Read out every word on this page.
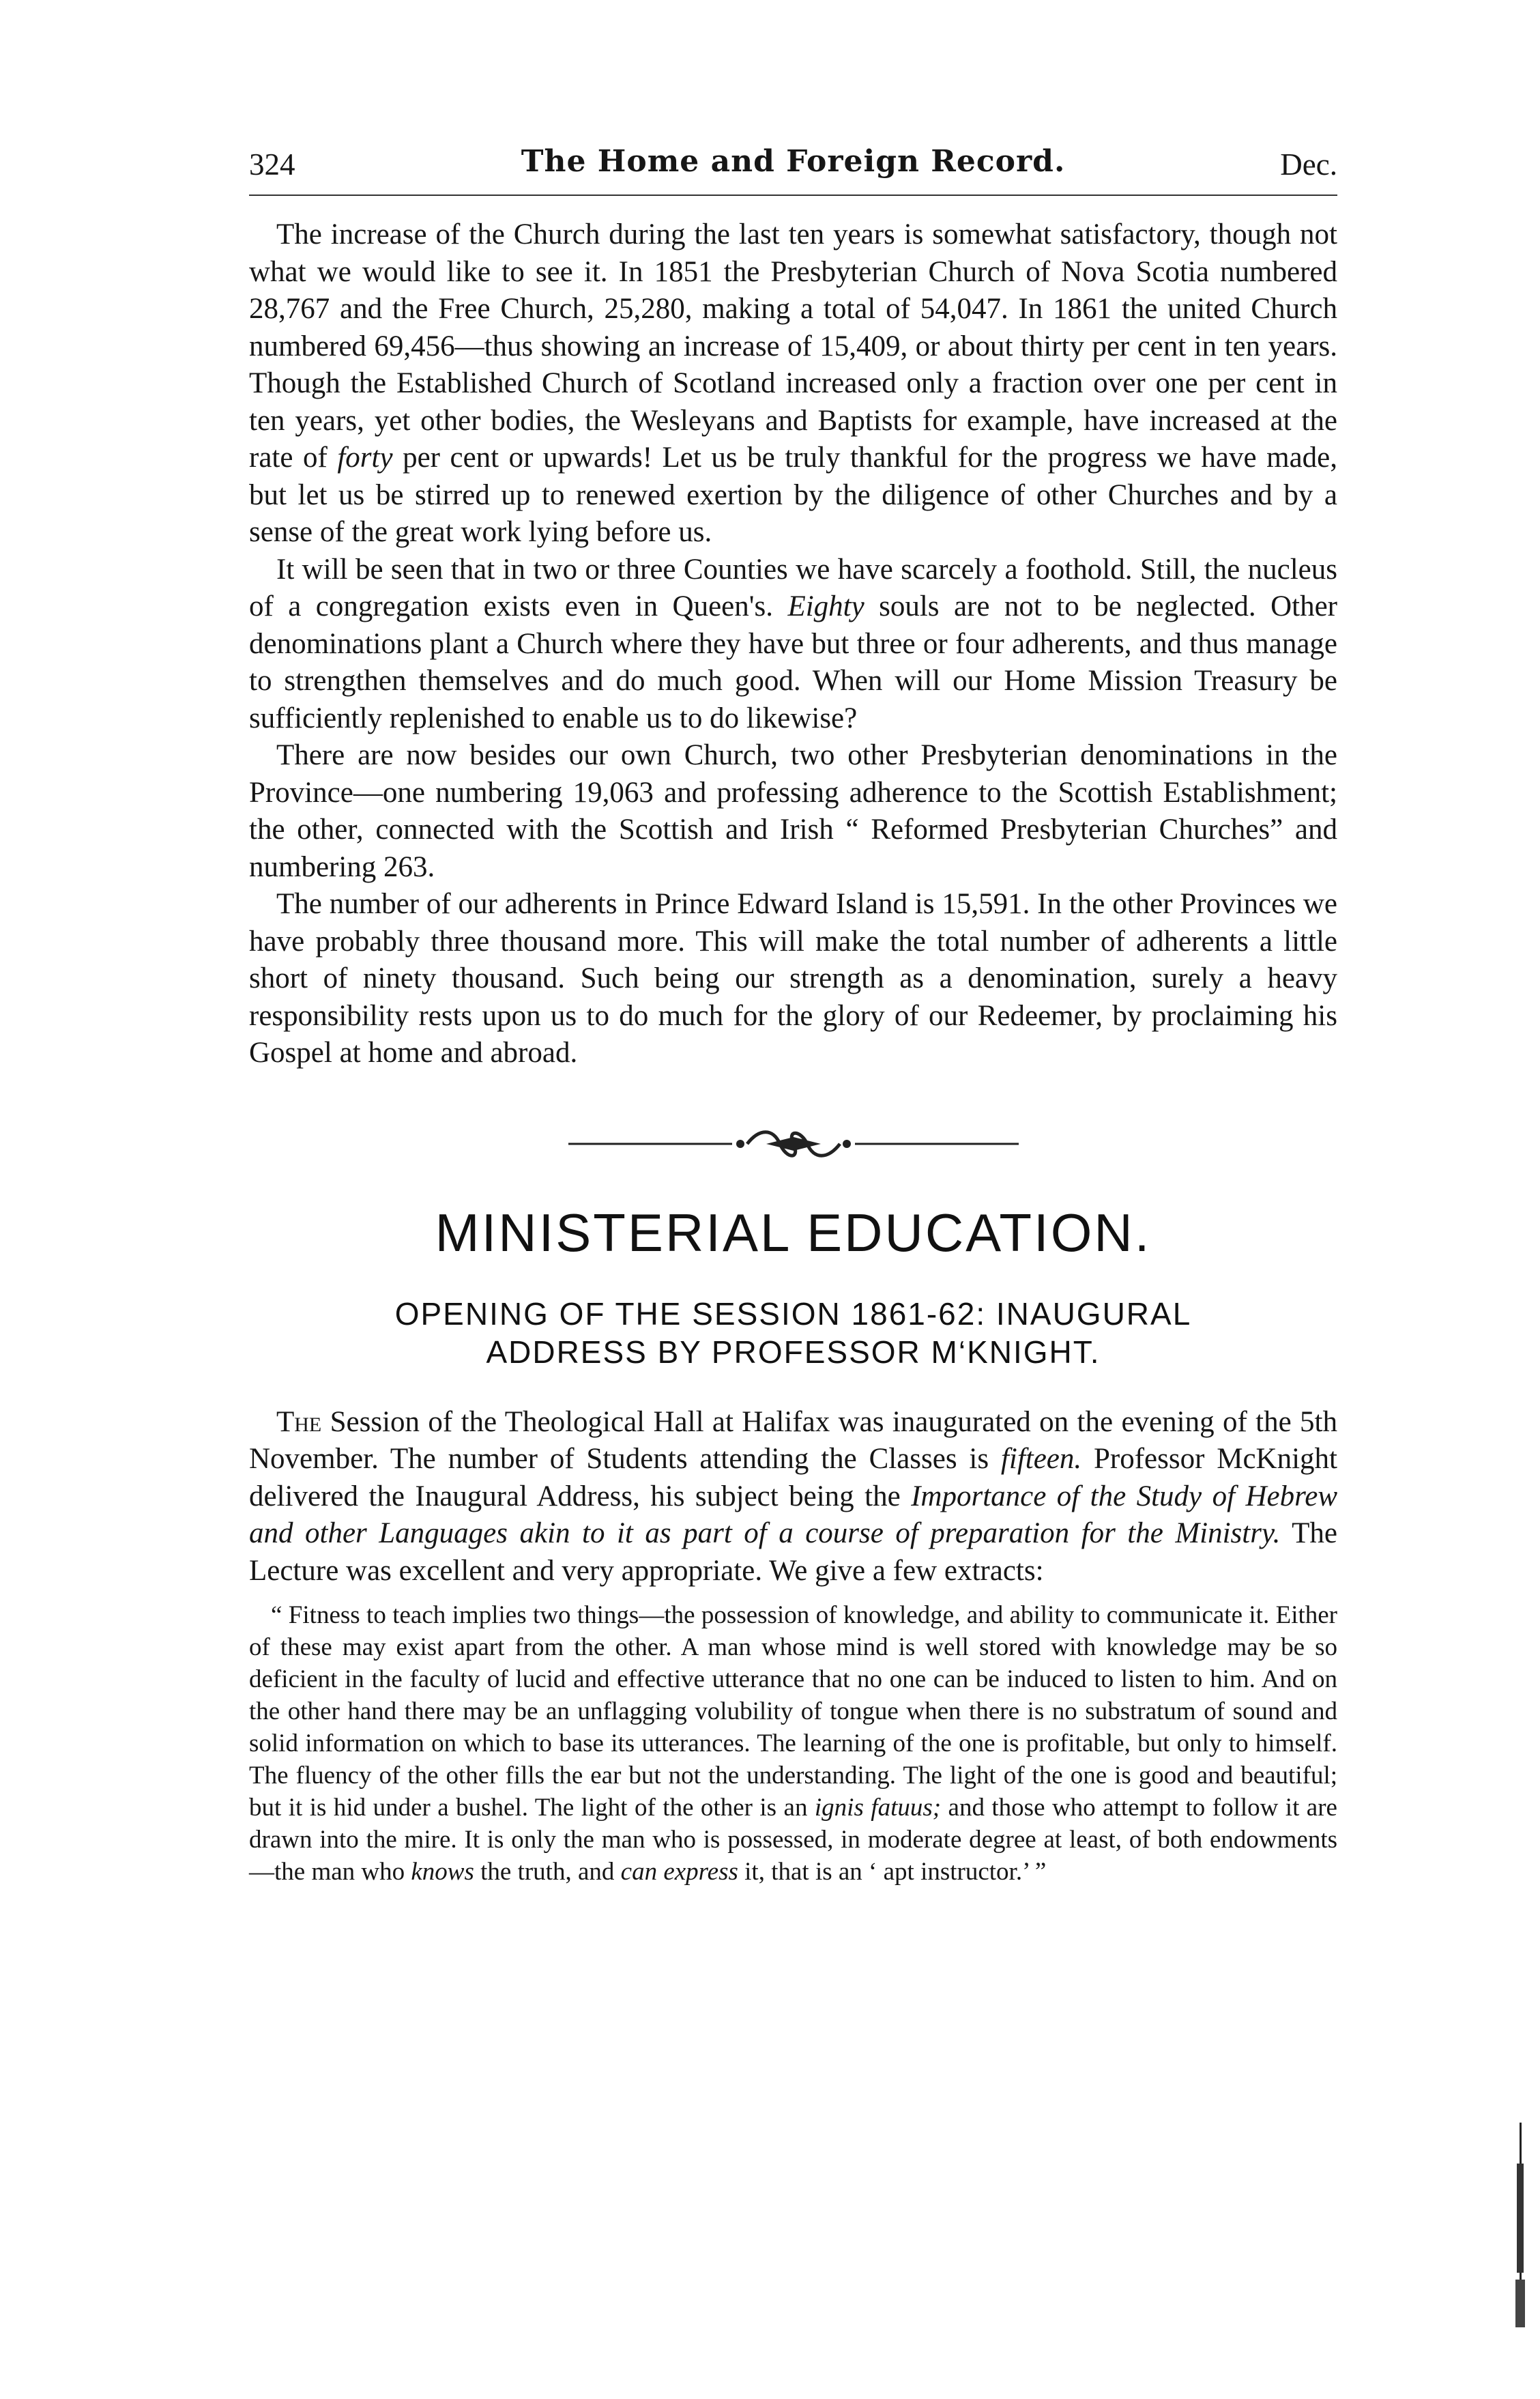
324	The Home and Foreign Record.	Dec.

The increase of the Church during the last ten years is somewhat satisfactory, though not what we would like to see it. In 1851 the Presbyterian Church of Nova Scotia numbered 28,767 and the Free Church, 25,280, making a total of 54,047. In 1861 the united Church numbered 69,456—thus showing an increase of 15,409, or about thirty per cent in ten years. Though the Established Church of Scotland increased only a fraction over one per cent in ten years, yet other bodies, the Wesleyans and Baptists for example, have increased at the rate of forty per cent or upwards! Let us be truly thankful for the progress we have made, but let us be stirred up to renewed exertion by the diligence of other Churches and by a sense of the great work lying before us.

It will be seen that in two or three Counties we have scarcely a foothold. Still, the nucleus of a congregation exists even in Queen's. Eighty souls are not to be neglected. Other denominations plant a Church where they have but three or four adherents, and thus manage to strengthen themselves and do much good. When will our Home Mission Treasury be sufficiently replenished to enable us to do likewise?

There are now besides our own Church, two other Presbyterian denominations in the Province—one numbering 19,063 and professing adherence to the Scottish Establishment; the other, connected with the Scottish and Irish “ Reformed Presbyterian Churches” and numbering 263.

The number of our adherents in Prince Edward Island is 15,591. In the other Provinces we have probably three thousand more. This will make the total number of adherents a little short of ninety thousand. Such being our strength as a denomination, surely a heavy responsibility rests upon us to do much for the glory of our Redeemer, by proclaiming his Gospel at home and abroad.

MINISTERIAL EDUCATION.
OPENING OF THE SESSION 1861-62: INAUGURAL
ADDRESS BY PROFESSOR M‘KNIGHT.

The Session of the Theological Hall at Halifax was inaugurated on the evening of the 5th November. The number of Students attending the Classes is fifteen. Professor McKnight delivered the Inaugural Address, his subject being the Importance of the Study of Hebrew and other Languages akin to it as part of a course of preparation for the Ministry. The Lecture was excellent and very appropriate. We give a few extracts:

“ Fitness to teach implies two things—the possession of knowledge, and ability to communicate it. Either of these may exist apart from the other. A man whose mind is well stored with knowledge may be so deficient in the faculty of lucid and effective utterance that no one can be induced to listen to him. And on the other hand there may be an unflagging volubility of tongue when there is no substratum of sound and solid information on which to base its utterances. The learning of the one is profitable, but only to himself. The fluency of the other fills the ear but not the understanding. The light of the one is good and beautiful; but it is hid under a bushel. The light of the other is an ignis fatuus; and those who attempt to follow it are drawn into the mire. It is only the man who is possessed, in moderate degree at least, of both endowments—the man who knows the truth, and can express it, that is an ‘ apt instructor.’ ”
